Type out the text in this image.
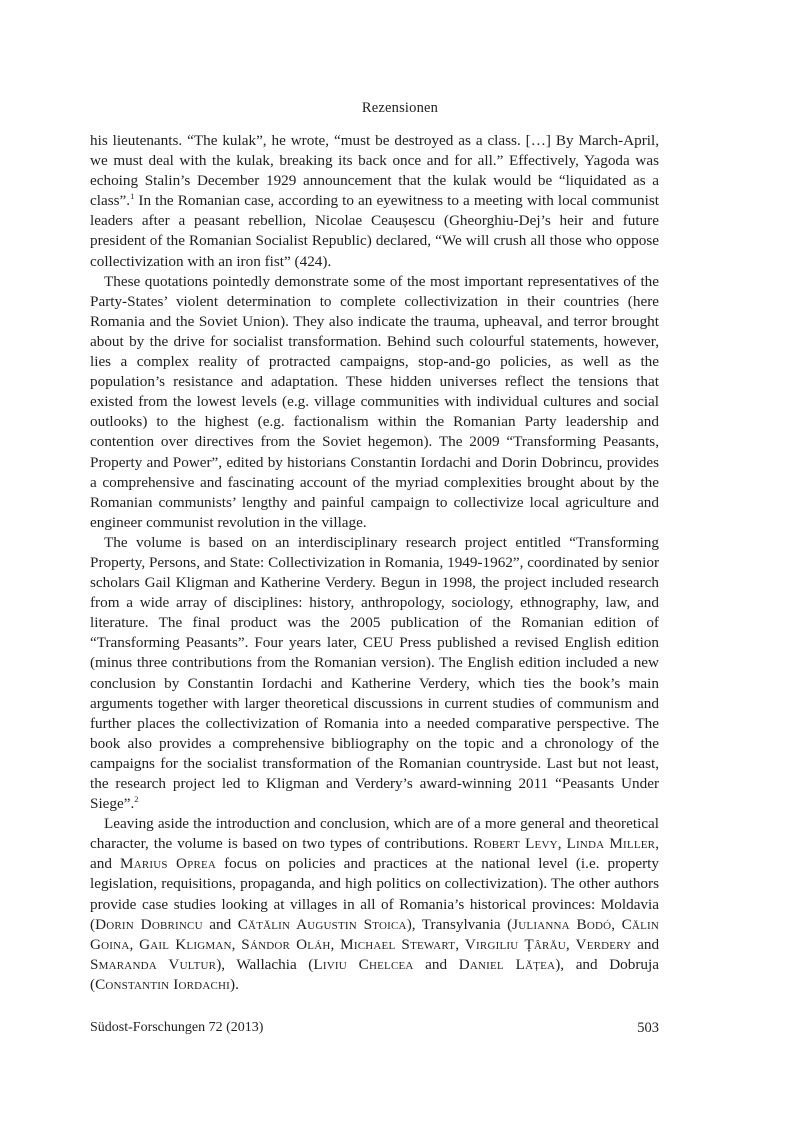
Rezensionen

his lieutenants. “The kulak”, he wrote, “must be destroyed as a class. […] By March-April, we must deal with the kulak, breaking its back once and for all.” Effectively, Yagoda was echoing Stalin’s December 1929 announcement that the kulak would be “liquidated as a class”.$^1$ In the Romanian case, according to an eyewitness to a meeting with local communist leaders after a peasant rebellion, Nicolae Ceaușescu (Gheorghiu-Dej’s heir and future president of the Romanian Socialist Republic) declared, “We will crush all those who oppose collectivization with an iron fist” (424).

These quotations pointedly demonstrate some of the most important representatives of the Party-States’ violent determination to complete collectivization in their countries (here Romania and the Soviet Union). They also indicate the trauma, upheaval, and terror brought about by the drive for socialist transformation. Behind such colourful statements, however, lies a complex reality of protracted campaigns, stop-and-go policies, as well as the population’s resistance and adaptation. These hidden universes reflect the tensions that existed from the lowest levels (e.g. village communities with individual cultures and social outlooks) to the highest (e.g. factionalism within the Romanian Party leadership and contention over directives from the Soviet hegemon). The 2009 “Transforming Peasants, Property and Power”, edited by historians Constantin Iordachi and Dorin Dobrincu, provides a comprehensive and fascinating account of the myriad complexities brought about by the Romanian communists’ lengthy and painful campaign to collectivize local agriculture and engineer communist revolution in the village.

The volume is based on an interdisciplinary research project entitled “Transforming Property, Persons, and State: Collectivization in Romania, 1949-1962”, coordinated by senior scholars Gail Kligman and Katherine Verdery. Begun in 1998, the project included research from a wide array of disciplines: history, anthropology, sociology, ethnography, law, and literature. The final product was the 2005 publication of the Romanian edition of “Transforming Peasants”. Four years later, CEU Press published a revised English edition (minus three contributions from the Romanian version). The English edition included a new conclusion by Constantin Iordachi and Katherine Verdery, which ties the book’s main arguments together with larger theoretical discussions in current studies of communism and further places the collectivization of Romania into a needed comparative perspective. The book also provides a comprehensive bibliography on the topic and a chronology of the campaigns for the socialist transformation of the Romanian countryside. Last but not least, the research project led to Kligman and Verdery’s award-winning 2011 “Peasants Under Siege”.$^2$

Leaving aside the introduction and conclusion, which are of a more general and theoretical character, the volume is based on two types of contributions. Robert Levy, Linda Miller, and Marius Oprea focus on policies and practices at the national level (i.e. property legislation, requisitions, propaganda, and high politics on collectivization). The other authors provide case studies looking at villages in all of Romania’s historical provinces: Moldavia (Dorin Dobrincu and Cătălin Augustin Stoica), Transylvania (Julianna Bodó, Călin Goina, Gail Kligman, Sándor Oláh, Michael Stewart, Virgiliu Țârău, Verdery and Smaranda Vultur), Wallachia (Liviu Chelcea and Daniel Lățea), and Dobruja (Constantin Iordachi).

Südost-Forschungen 72 (2013)	503
